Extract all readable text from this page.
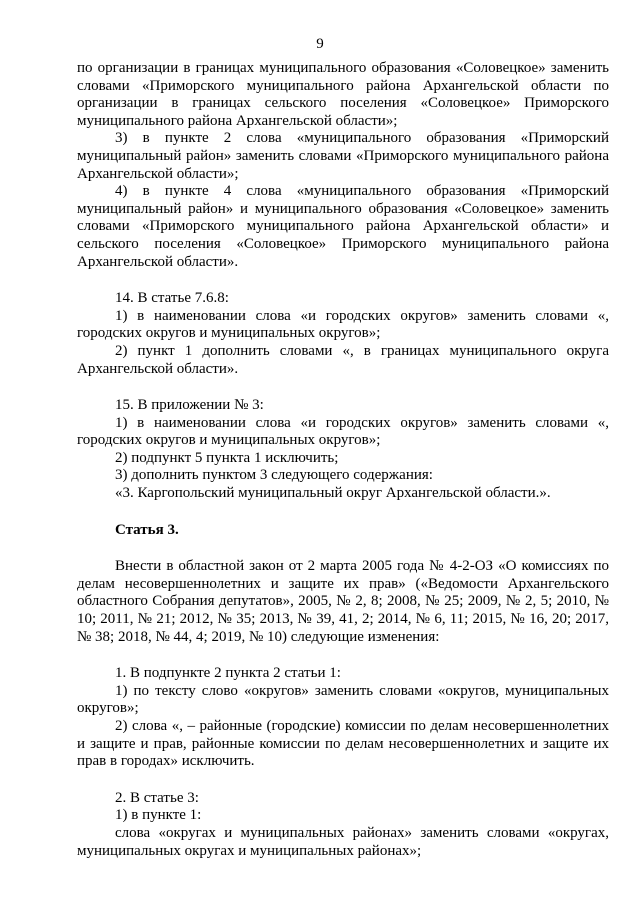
9

по организации в границах муниципального образования «Соловецкое» заменить словами «Приморского муниципального района Архангельской области по организации в границах сельского поселения «Соловецкое» Приморского муниципального района Архангельской области»;

3) в пункте 2 слова «муниципального образования «Приморский муниципальный район» заменить словами «Приморского муниципального района Архангельской области»;

4) в пункте 4 слова «муниципального образования «Приморский муниципальный район» и муниципального образования «Соловецкое» заменить словами «Приморского муниципального района Архангельской области» и сельского поселения «Соловецкое» Приморского муниципального района Архангельской области».

14. В статье 7.6.8:

1) в наименовании слова «и городских округов» заменить словами «, городских округов и муниципальных округов»;

2) пункт 1 дополнить словами «, в границах муниципального округа Архангельской области».

15. В приложении № 3:

1) в наименовании слова «и городских округов» заменить словами «, городских округов и муниципальных округов»;

2) подпункт 5 пункта 1 исключить;

3) дополнить пунктом 3 следующего содержания:

«3. Каргопольский муниципальный округ Архангельской области.».

Статья 3.

Внести в областной закон от 2 марта 2005 года № 4-2-ОЗ «О комиссиях по делам несовершеннолетних и защите их прав» («Ведомости Архангельского областного Собрания депутатов», 2005, № 2, 8; 2008, № 25; 2009, № 2, 5; 2010, № 10; 2011, № 21; 2012, № 35; 2013, № 39, 41, 2; 2014, № 6, 11; 2015, № 16, 20; 2017, № 38; 2018, № 44, 4; 2019, № 10) следующие изменения:

1. В подпункте 2 пункта 2 статьи 1:

1) по тексту слово «округов» заменить словами «округов, муниципальных округов»;

2) слова «, – районные (городские) комиссии по делам несовершеннолетних и защите и прав, районные комиссии по делам несовершеннолетних и защите их прав в городах» исключить.

2. В статье 3:

1) в пункте 1:

слова «округах и муниципальных районах» заменить словами «округах, муниципальных округах и муниципальных районах»;
